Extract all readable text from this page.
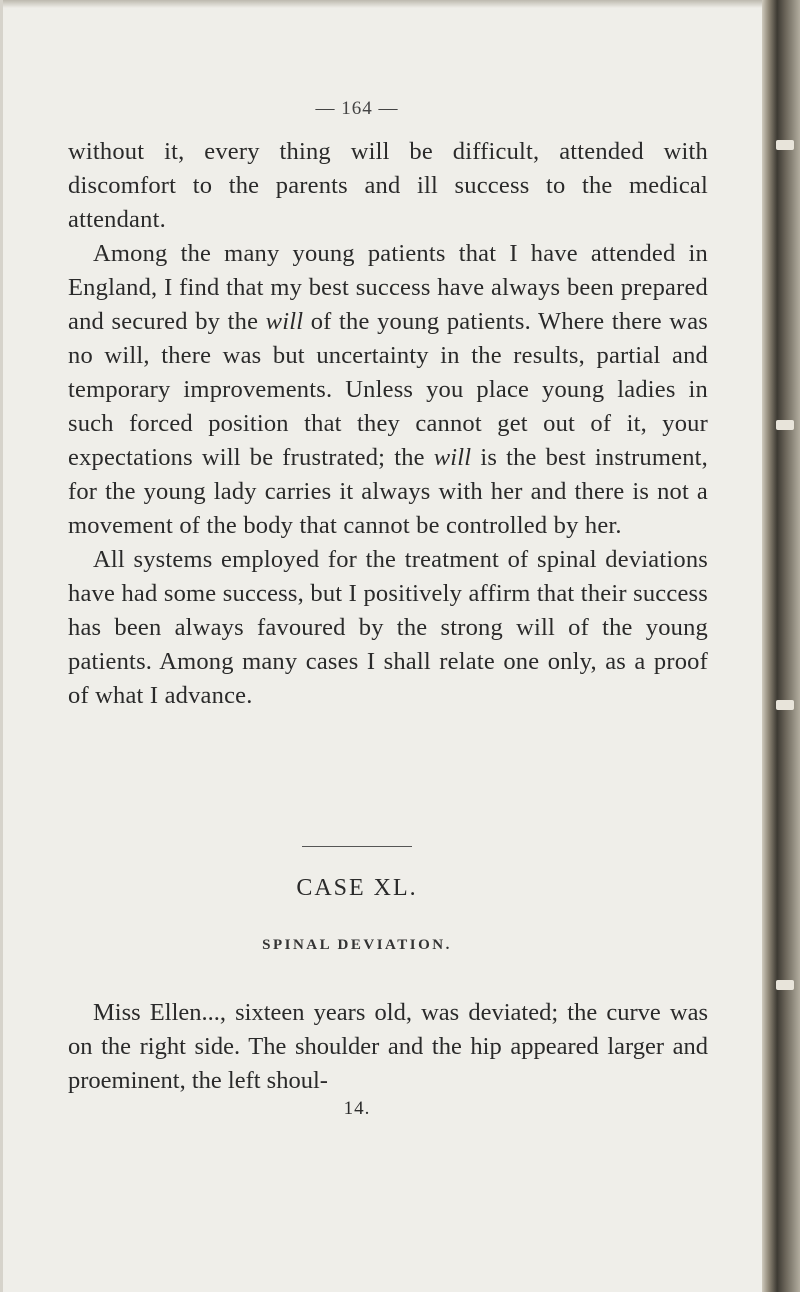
— 164 —

without it, every thing will be difficult, attended with discomfort to the parents and ill success to the medical attendant.

Among the many young patients that I have attended in England, I find that my best success have always been prepared and secured by the will of the young patients. Where there was no will, there was but uncertainty in the results, partial and temporary improvements. Unless you place young ladies in such forced position that they cannot get out of it, your expectations will be frustrated; the will is the best instrument, for the young lady carries it always with her and there is not a movement of the body that cannot be controlled by her.

All systems employed for the treatment of spinal deviations have had some success, but I positively affirm that their success has been always favoured by the strong will of the young patients. Among many cases I shall relate one only, as a proof of what I advance.

CASE XL.
SPINAL DEVIATION.

Miss Ellen..., sixteen years old, was deviated; the curve was on the right side. The shoulder and the hip appeared larger and proeminent, the left shoul-

14.
